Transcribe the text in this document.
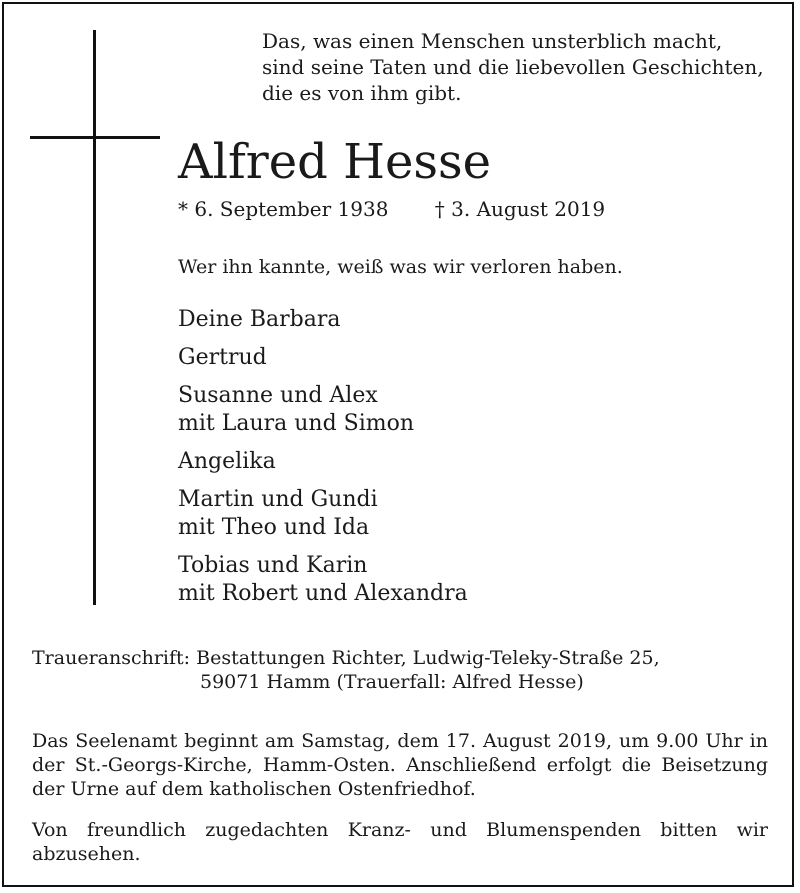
Das, was einen Menschen unsterblich macht,
sind seine Taten und die liebevollen Geschichten,
die es von ihm gibt.
Alfred Hesse
* 6. September 1938 † 3. August 2019
Wer ihn kannte, weiß was wir verloren haben.
Deine Barbara
Gertrud
Susanne und Alex
mit Laura und Simon
Angelika
Martin und Gundi
mit Theo und Ida
Tobias und Karin
mit Robert und Alexandra
Traueranschrift: Bestattungen Richter, Ludwig-Teleky-Straße 25,
59071 Hamm (Trauerfall: Alfred Hesse)
Das Seelenamt beginnt am Samstag, dem 17. August 2019, um 9.00 Uhr in der St.-Georgs-Kirche, Hamm-Osten. Anschließend erfolgt die Beisetzung der Urne auf dem katholischen Ostenfriedhof.
Von freundlich zugedachten Kranz- und Blumenspenden bitten wir abzusehen.
